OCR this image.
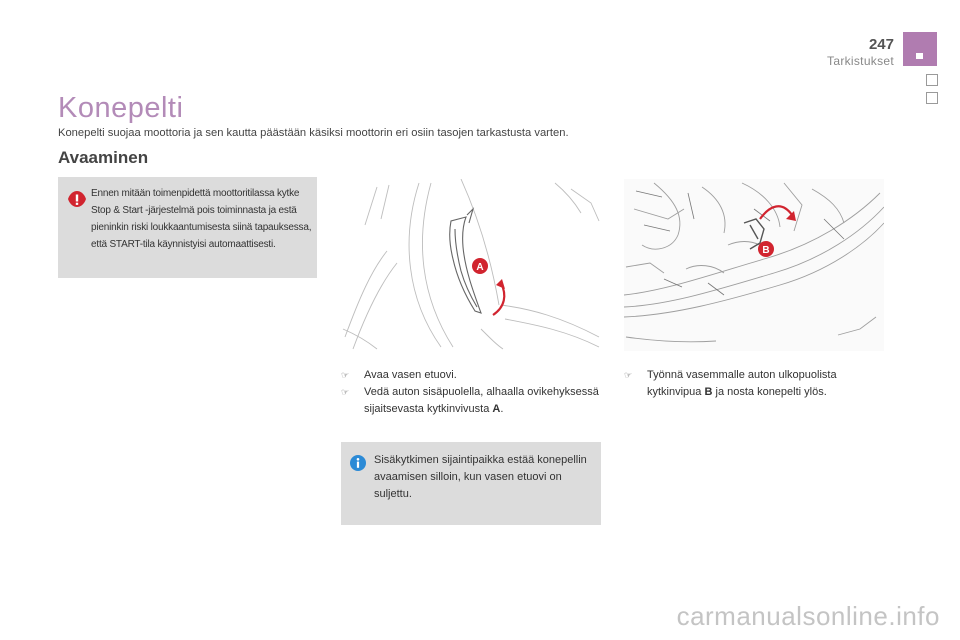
247
Tarkistukset
Konepelti
Konepelti suojaa moottoria ja sen kautta päästään käsiksi moottorin eri osiin tasojen tarkastusta varten.
Avaaminen
Ennen mitään toimenpidettä moottoritilassa kytke Stop & Start -järjestelmä pois toiminnasta ja estä pieninkin riski loukkaantumisesta siinä tapauksessa, että START-tila käynnistyisi automaattisesti.
A
B
☞ Avaa vasen etuovi.
☞ Vedä auton sisäpuolella, alhaalla ovikehyksessä sijaitsevasta kytkinvivusta A.
☞ Työnnä vasemmalle auton ulkopuolista kytkinvipua B ja nosta konepelti ylös.
Sisäkytkimen sijaintipaikka estää konepellin avaamisen silloin, kun vasen etuovi on suljettu.
carmanualsonline.info
